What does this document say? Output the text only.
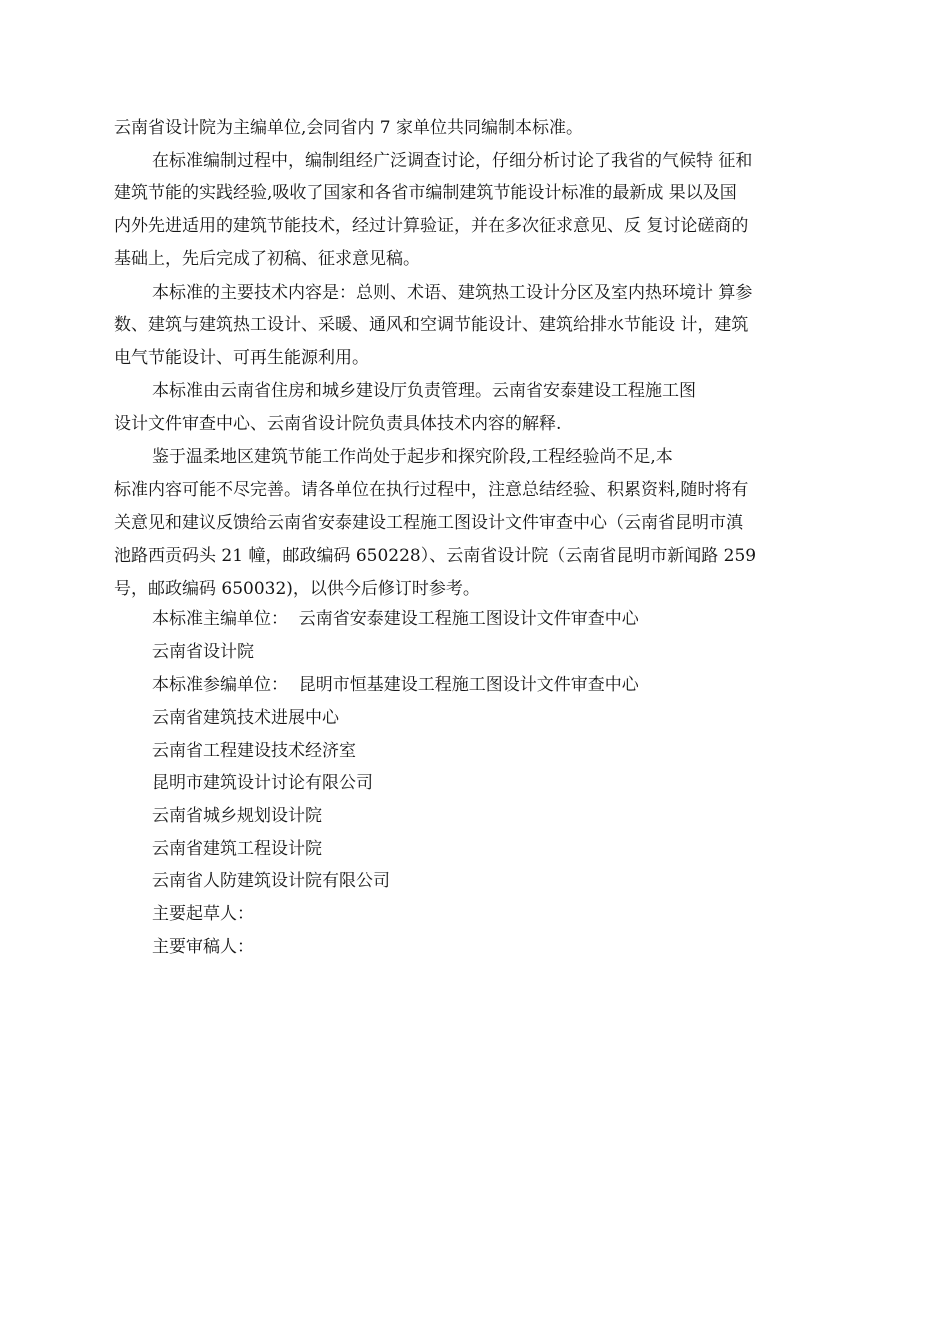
云南省设计院为主编单位,会同省内 7 家单位共同编制本标准。

在标准编制过程中，编制组经广泛调查讨论，仔细分析讨论了我省的气候特 征和

建筑节能的实践经验,吸收了国家和各省市编制建筑节能设计标准的最新成 果以及国

内外先进适用的建筑节能技术，经过计算验证，并在多次征求意见、反 复讨论磋商的

基础上，先后完成了初稿、征求意见稿。

本标准的主要技术内容是：总则、术语、建筑热工设计分区及室内热环境计 算参

数、建筑与建筑热工设计、采暖、通风和空调节能设计、建筑给排水节能设 计，建筑

电气节能设计、可再生能源利用。

本标准由云南省住房和城乡建设厅负责管理。云南省安泰建设工程施工图

设计文件审查中心、云南省设计院负责具体技术内容的解释.

鉴于温柔地区建筑节能工作尚处于起步和探究阶段,工程经验尚不足,本

标准内容可能不尽完善。请各单位在执行过程中，注意总结经验、积累资料,随时将有

关意见和建议反馈给云南省安泰建设工程施工图设计文件审查中心（云南省昆明市滇

池路西贡码头 21 幢，邮政编码 650228）、云南省设计院（云南省昆明市新闻路 259

号，邮政编码 650032)，以供今后修订时参考。

本标准主编单位：  云南省安泰建设工程施工图设计文件审查中心

云南省设计院

本标准参编单位：  昆明市恒基建设工程施工图设计文件审查中心

云南省建筑技术进展中心

云南省工程建设技术经济室

昆明市建筑设计讨论有限公司

云南省城乡规划设计院

云南省建筑工程设计院

云南省人防建筑设计院有限公司

主要起草人：

主要审稿人：
